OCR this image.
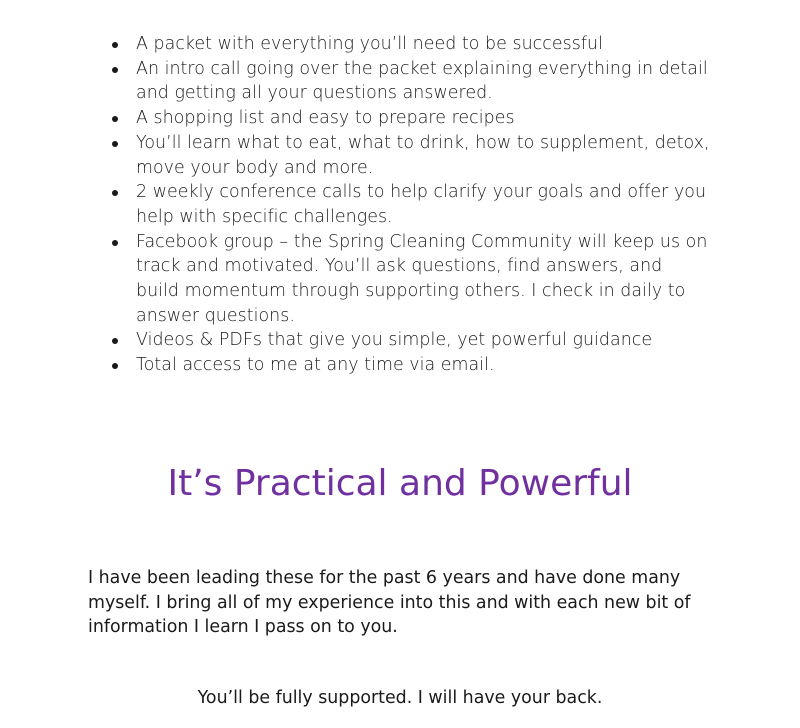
A packet with everything you’ll need to be successful
An intro call going over the packet explaining everything in detail and getting all your questions answered.
A shopping list and easy to prepare recipes
You’ll learn what to eat, what to drink, how to supplement, detox, move your body and more.
2 weekly conference calls to help clarify your goals and offer you help with specific challenges.
Facebook group – the Spring Cleaning Community will keep us on track and motivated. You’ll ask questions, find answers, and build momentum through supporting others. I check in daily to answer questions.
Videos & PDFs that give you simple, yet powerful guidance
Total access to me at any time via email.
It’s Practical and Powerful

I have been leading these for the past 6 years and have done many myself. I bring all of my experience into this and with each new bit of information I learn I pass on to you.

You’ll be fully supported. I will have your back.
